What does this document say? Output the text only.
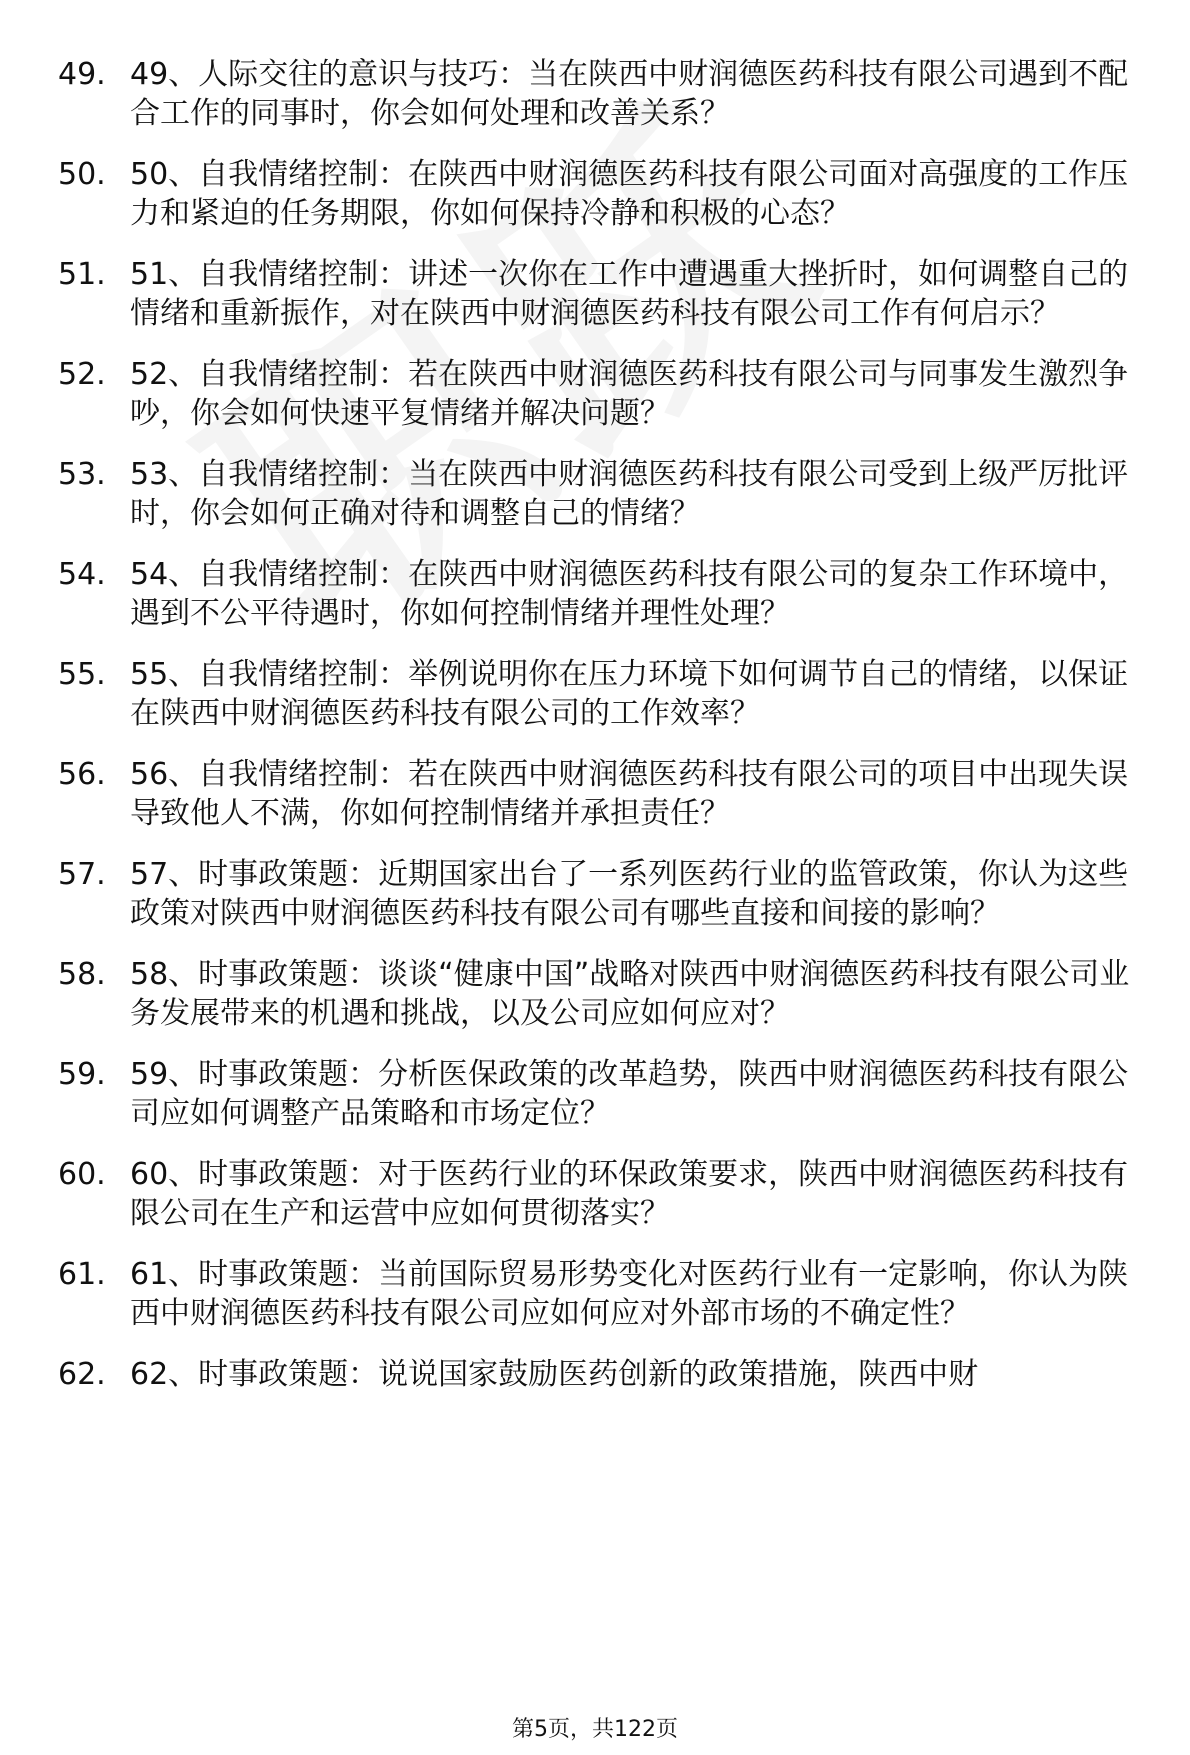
49. 49、人际交往的意识与技巧：当在陕西中财润德医药科技有限公司遇到不配合工作的同事时，你会如何处理和改善关系？
50. 50、自我情绪控制：在陕西中财润德医药科技有限公司面对高强度的工作压力和紧迫的任务期限，你如何保持冷静和积极的心态？
51. 51、自我情绪控制：讲述一次你在工作中遭遇重大挫折时，如何调整自己的情绪和重新振作，对在陕西中财润德医药科技有限公司工作有何启示？
52. 52、自我情绪控制：若在陕西中财润德医药科技有限公司与同事发生激烈争吵，你会如何快速平复情绪并解决问题？
53. 53、自我情绪控制：当在陕西中财润德医药科技有限公司受到上级严厉批评时，你会如何正确对待和调整自己的情绪？
54. 54、自我情绪控制：在陕西中财润德医药科技有限公司的复杂工作环境中，遇到不公平待遇时，你如何控制情绪并理性处理？
55. 55、自我情绪控制：举例说明你在压力环境下如何调节自己的情绪，以保证在陕西中财润德医药科技有限公司的工作效率？
56. 56、自我情绪控制：若在陕西中财润德医药科技有限公司的项目中出现失误导致他人不满，你如何控制情绪并承担责任？
57. 57、时事政策题：近期国家出台了一系列医药行业的监管政策，你认为这些政策对陕西中财润德医药科技有限公司有哪些直接和间接的影响？
58. 58、时事政策题：谈谈“健康中国”战略对陕西中财润德医药科技有限公司业务发展带来的机遇和挑战，以及公司应如何应对？
59. 59、时事政策题：分析医保政策的改革趋势，陕西中财润德医药科技有限公司应如何调整产品策略和市场定位？
60. 60、时事政策题：对于医药行业的环保政策要求，陕西中财润德医药科技有限公司在生产和运营中应如何贯彻落实？
61. 61、时事政策题：当前国际贸易形势变化对医药行业有一定影响，你认为陕西中财润德医药科技有限公司应如何应对外部市场的不确定性？
62. 62、时事政策题：说说国家鼓励医药创新的政策措施，陕西中财
第5页，共122页
